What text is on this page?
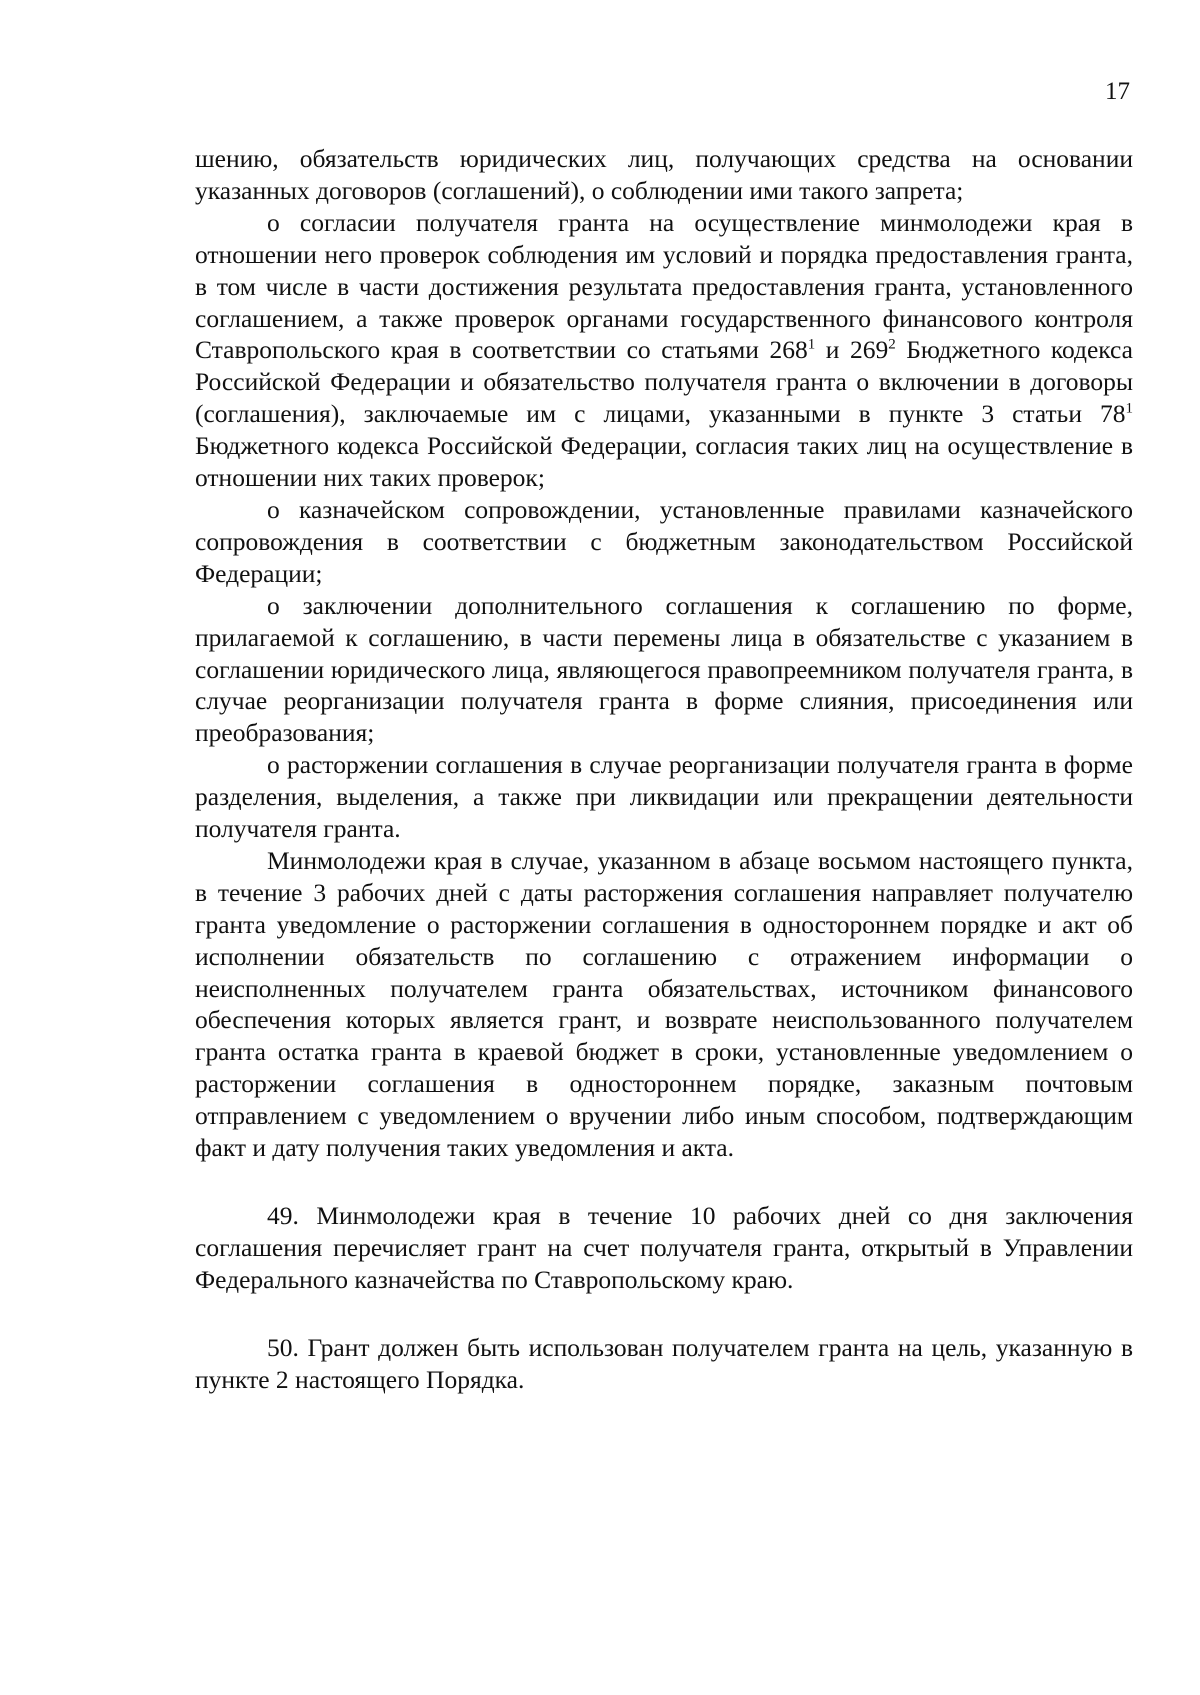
17

шению, обязательств юридических лиц, получающих средства на основании указанных договоров (соглашений), о соблюдении ими такого запрета;

о согласии получателя гранта на осуществление минмолодежи края в отношении него проверок соблюдения им условий и порядка предоставления гранта, в том числе в части достижения результата предоставления гранта, установленного соглашением, а также проверок органами государственного финансового контроля Ставропольского края в соответствии со статьями $268^1$ и $269^2$ Бюджетного кодекса Российской Федерации и обязательство получателя гранта о включении в договоры (соглашения), заключаемые им с лицами, указанными в пункте 3 статьи $78^1$ Бюджетного кодекса Российской Федерации, согласия таких лиц на осуществление в отношении них таких проверок;

о казначейском сопровождении, установленные правилами казначейского сопровождения в соответствии с бюджетным законодательством Российской Федерации;

о заключении дополнительного соглашения к соглашению по форме, прилагаемой к соглашению, в части перемены лица в обязательстве с указанием в соглашении юридического лица, являющегося правопреемником получателя гранта, в случае реорганизации получателя гранта в форме слияния, присоединения или преобразования;

о расторжении соглашения в случае реорганизации получателя гранта в форме разделения, выделения, а также при ликвидации или прекращении деятельности получателя гранта.

Минмолодежи края в случае, указанном в абзаце восьмом настоящего пункта, в течение 3 рабочих дней с даты расторжения соглашения направляет получателю гранта уведомление о расторжении соглашения в одностороннем порядке и акт об исполнении обязательств по соглашению с отражением информации о неисполненных получателем гранта обязательствах, источником финансового обеспечения которых является грант, и возврате неиспользованного получателем гранта остатка гранта в краевой бюджет в сроки, установленные уведомлением о расторжении соглашения в одностороннем порядке, заказным почтовым отправлением с уведомлением о вручении либо иным способом, подтверждающим факт и дату получения таких уведомления и акта.

49. Минмолодежи края в течение 10 рабочих дней со дня заключения соглашения перечисляет грант на счет получателя гранта, открытый в Управлении Федерального казначейства по Ставропольскому краю.

50. Грант должен быть использован получателем гранта на цель, указанную в пункте 2 настоящего Порядка.
